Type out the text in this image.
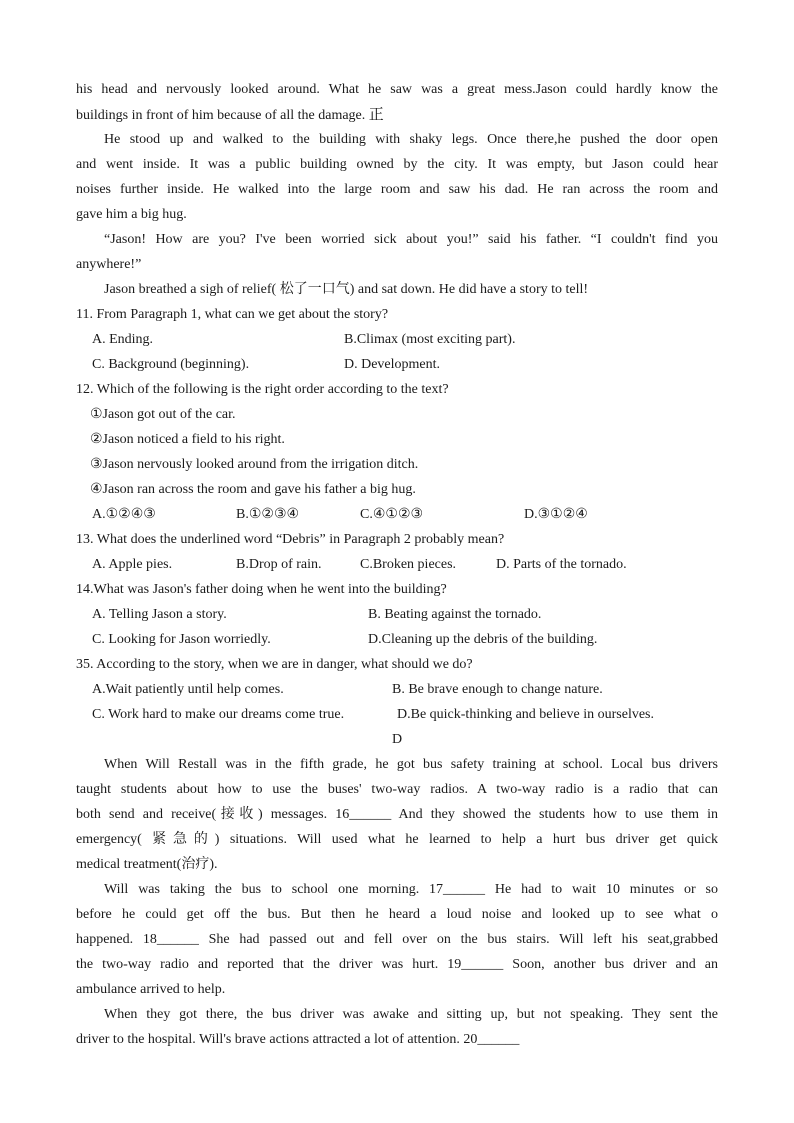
his head and nervously looked around. What he saw was a great mess.Jason could hardly know the
buildings in front of him because of all the damage. 正
He stood up and walked to the building with shaky legs. Once there,he pushed the door open
and went inside. It was a public building owned by the city. It was empty, but Jason could hear
noises further inside. He walked into the large room and saw his dad. He ran across the room and
gave him a big hug.
“Jason! How are you? I've been worried sick about you!” said his father. “I couldn't find you
anywhere!”
Jason breathed a sigh of relief( 松了一口气) and sat down. He did have a story to tell!
11. From Paragraph 1, what can we get about the story?
A. Ending.	B.Climax (most exciting part).
C. Background (beginning).	D. Development.
12. Which of the following is the right order according to the text?
①Jason got out of the car.
②Jason noticed a field to his right.
③Jason nervously looked around from the irrigation ditch.
④Jason ran across the room and gave his father a big hug.
A.①②④③	B.①②③④	C.④①②③	D.③①②④
13. What does the underlined word “Debris” in Paragraph 2 probably mean?
A. Apple pies.	B.Drop of rain.	C.Broken pieces.	D. Parts of the tornado.
14.What was Jason's father doing when he went into the building?
A. Telling Jason a story.	B. Beating against the tornado.
C. Looking for Jason worriedly.	D.Cleaning up the debris of the building.
35. According to the story, when we are in danger, what should we do?
A.Wait patiently until help comes.	B. Be brave enough to change nature.
C. Work hard to make our dreams come true.	D.Be quick-thinking and believe in ourselves.
D
When Will Restall was in the fifth grade, he got bus safety training at school. Local bus drivers
taught students about how to use the buses' two-way radios. A two-way radio is a radio that can
both send and receive(接收) messages. 16______ And they showed the students how to use them in
emergency( 紧急的) situations. Will used what he learned to help a hurt bus driver get quick
medical treatment(治疗).
Will was taking the bus to school one morning. 17______ He had to wait 10 minutes or so
before he could get off the bus. But then he heard a loud noise and looked up to see what o
happened. 18______ She had passed out and fell over on the bus stairs. Will left his seat,grabbed
the two-way radio and reported that the driver was hurt. 19______ Soon, another bus driver and an
ambulance arrived to help.
When they got there, the bus driver was awake and sitting up, but not speaking. They sent the
driver to the hospital. Will's brave actions attracted a lot of attention. 20______
